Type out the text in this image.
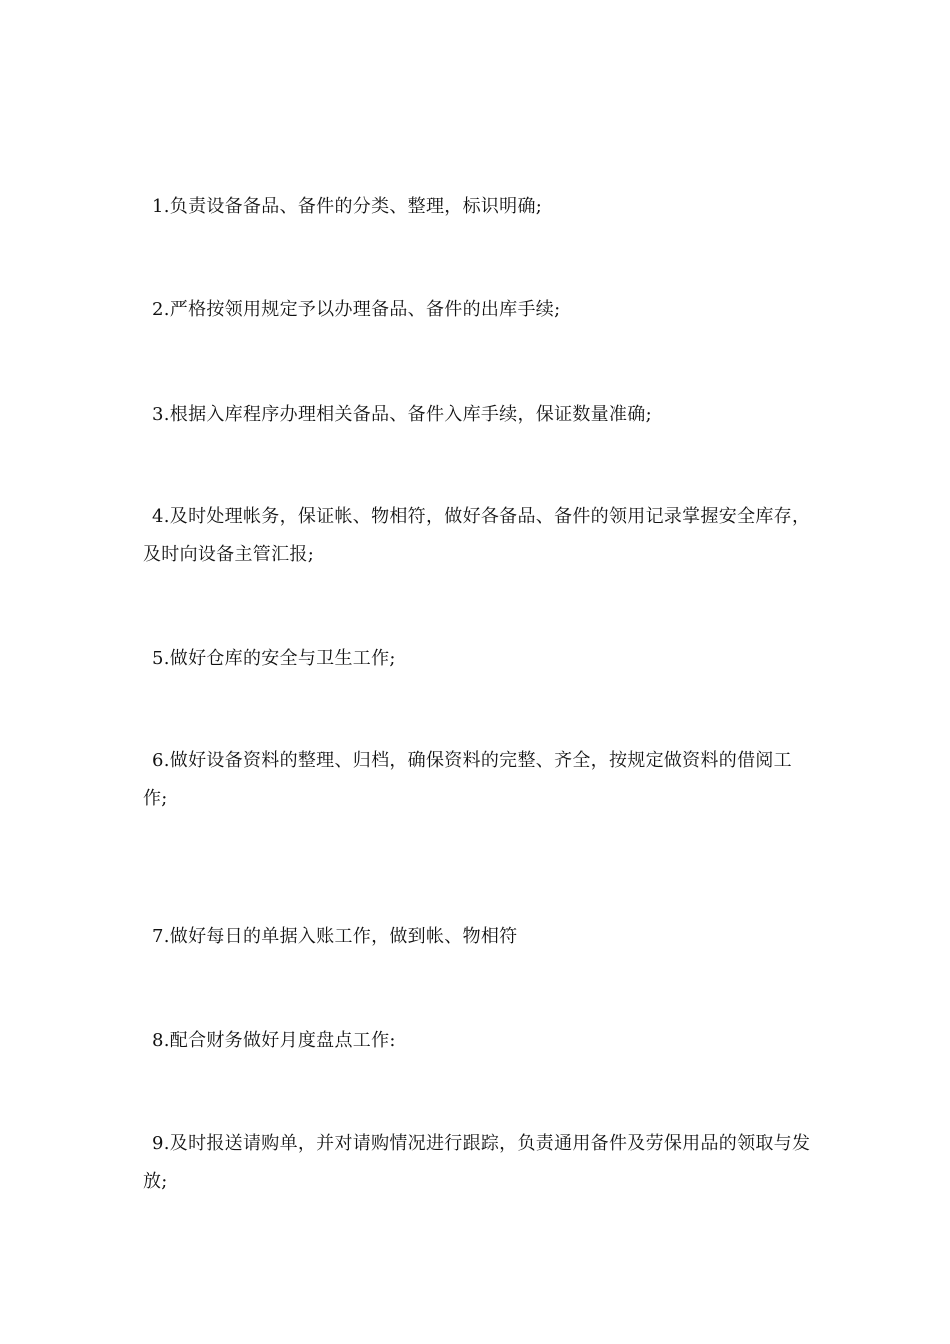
1.负责设备备品、备件的分类、整理，标识明确;

2.严格按领用规定予以办理备品、备件的出库手续;

3.根据入库程序办理相关备品、备件入库手续，保证数量准确;

4.及时处理帐务，保证帐、物相符，做好各备品、备件的领用记录掌握安全库存，及时向设备主管汇报;

5.做好仓库的安全与卫生工作;

6.做好设备资料的整理、归档，确保资料的完整、齐全，按规定做资料的借阅工作;

7.做好每日的单据入账工作，做到帐、物相符

8.配合财务做好月度盘点工作:

9.及时报送请购单，并对请购情况进行跟踪，负责通用备件及劳保用品的领取与发放;
